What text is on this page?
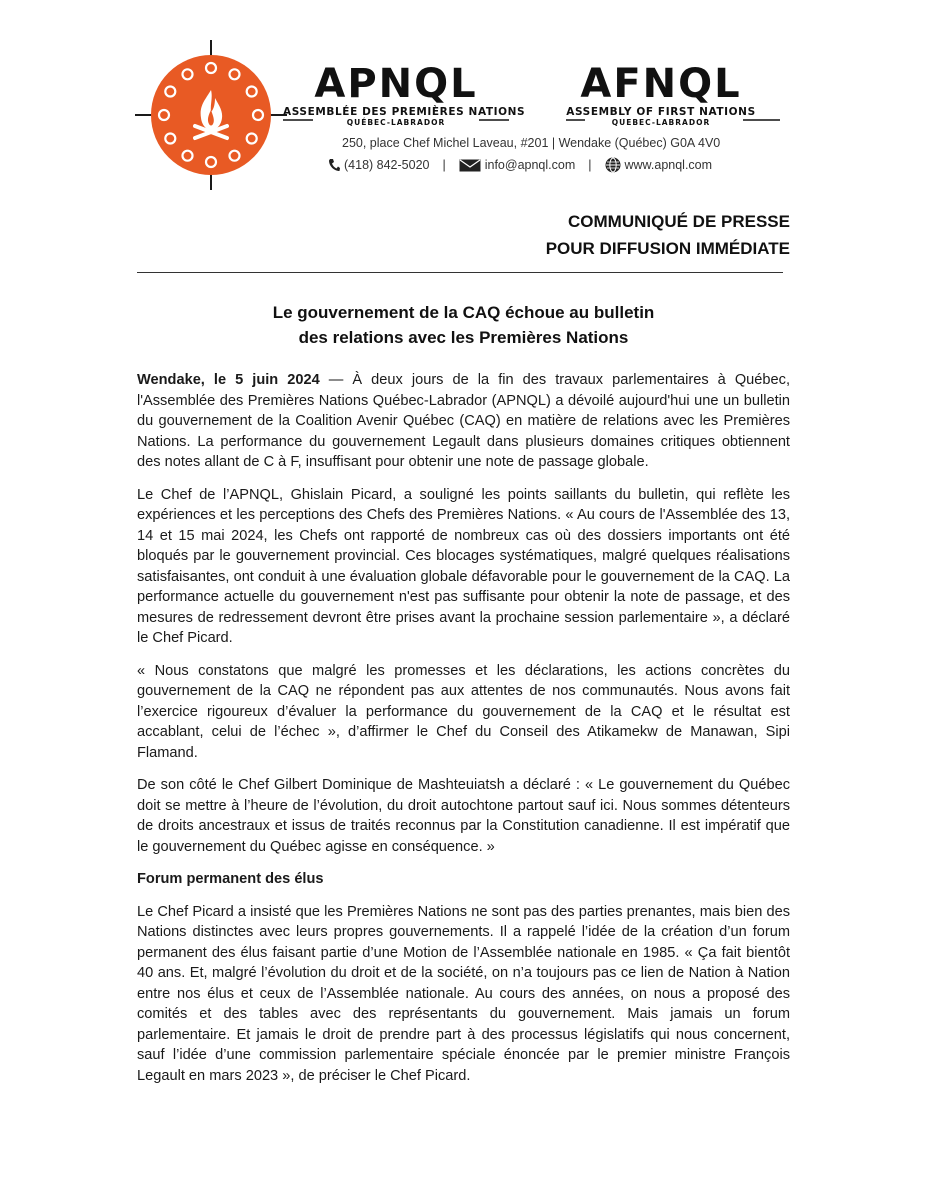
APNQL
ASSEMBLÉE DES PREMIÈRES NATIONS
QUÉBEC-LABRADOR
AFNQL
ASSEMBLY OF FIRST NATIONS
QUEBEC-LABRADOR
250, place Chef Michel Laveau, #201 | Wendake (Québec) G0A 4V0
(418) 842-5020 |	info@apnql.com |	www.apnql.com
COMMUNIQUÉ DE PRESSE
POUR DIFFUSION IMMÉDIATE
Le gouvernement de la CAQ échoue au bulletin
des relations avec les Premières Nations

Wendake, le 5 juin 2024 — À deux jours de la fin des travaux parlementaires à Québec, l'Assemblée des Premières Nations Québec-Labrador (APNQL) a dévoilé aujourd'hui une un bulletin du gouvernement de la Coalition Avenir Québec (CAQ) en matière de relations avec les Premières Nations. La performance du gouvernement Legault dans plusieurs domaines critiques obtiennent des notes allant de C à F, insuffisant pour obtenir une note de passage globale.

Le Chef de l’APNQL, Ghislain Picard, a souligné les points saillants du bulletin, qui reflète les expériences et les perceptions des Chefs des Premières Nations. « Au cours de l'Assemblée des 13, 14 et 15 mai 2024, les Chefs ont rapporté de nombreux cas où des dossiers importants ont été bloqués par le gouvernement provincial. Ces blocages systématiques, malgré quelques réalisations satisfaisantes, ont conduit à une évaluation globale défavorable pour le gouvernement de la CAQ. La performance actuelle du gouvernement n'est pas suffisante pour obtenir la note de passage, et des mesures de redressement devront être prises avant la prochaine session parlementaire », a déclaré le Chef Picard.

« Nous constatons que malgré les promesses et les déclarations, les actions concrètes du gouvernement de la CAQ ne répondent pas aux attentes de nos communautés. Nous avons fait l’exercice rigoureux d’évaluer la performance du gouvernement de la CAQ et le résultat est accablant, celui de l’échec », d’affirmer le Chef du Conseil des Atikamekw de Manawan, Sipi Flamand.

De son côté le Chef Gilbert Dominique de Mashteuiatsh a déclaré : « Le gouvernement du Québec doit se mettre à l’heure de l’évolution, du droit autochtone partout sauf ici. Nous sommes détenteurs de droits ancestraux et issus de traités reconnus par la Constitution canadienne. Il est impératif que le gouvernement du Québec agisse en conséquence. »

Forum permanent des élus

Le Chef Picard a insisté que les Premières Nations ne sont pas des parties prenantes, mais bien des Nations distinctes avec leurs propres gouvernements. Il a rappelé l’idée de la création d’un forum permanent des élus faisant partie d’une Motion de l’Assemblée nationale en 1985. « Ça fait bientôt 40 ans. Et, malgré l’évolution du droit et de la société, on n’a toujours pas ce lien de Nation à Nation entre nos élus et ceux de l’Assemblée nationale. Au cours des années, on nous a proposé des comités et des tables avec des représentants du gouvernement. Mais jamais un forum parlementaire. Et jamais le droit de prendre part à des processus législatifs qui nous concernent, sauf l’idée d’une commission parlementaire spéciale énoncée par le premier ministre François Legault en mars 2023 », de préciser le Chef Picard.
